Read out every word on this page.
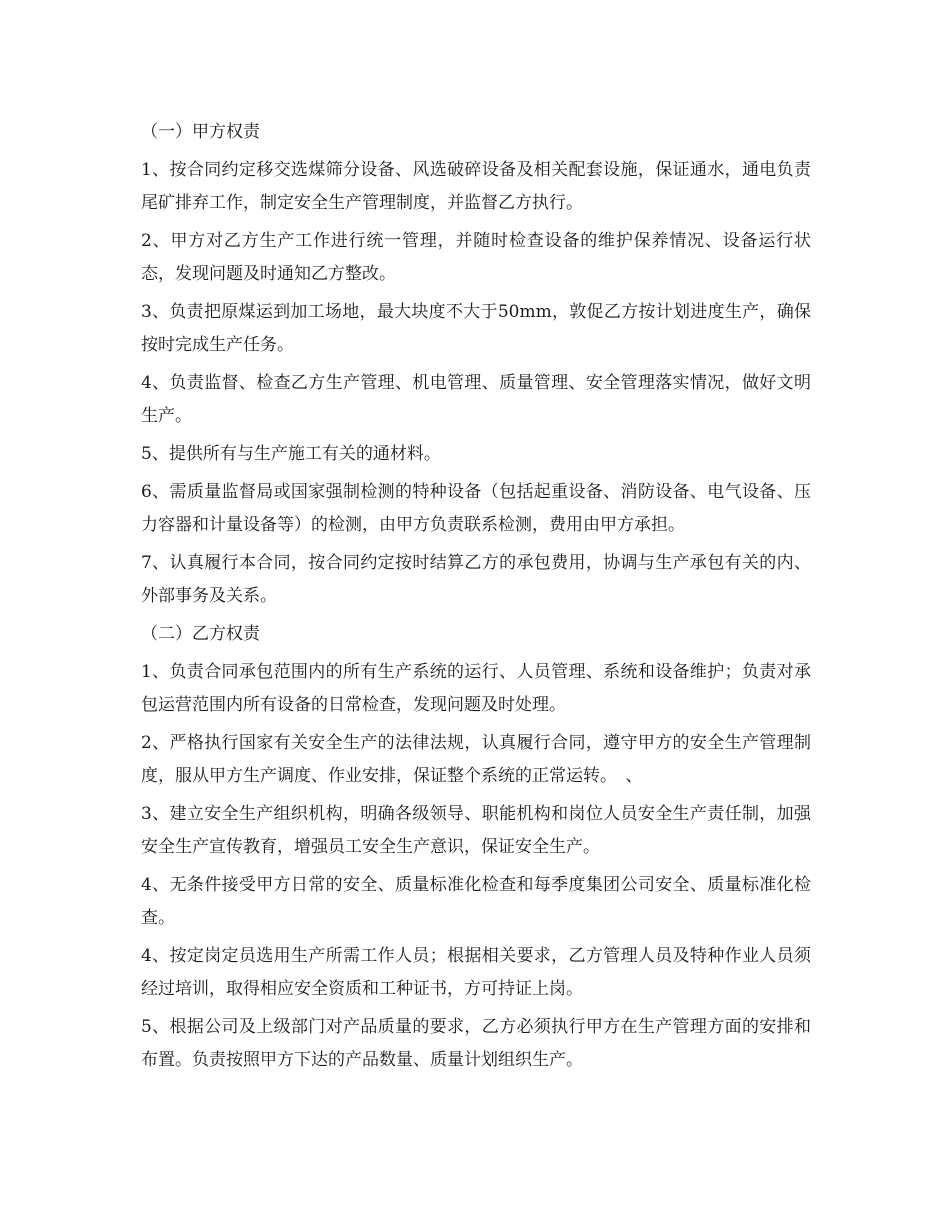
（一）甲方权责

1、按合同约定移交选煤筛分设备、风选破碎设备及相关配套设施，保证通水，通电负责尾矿排弃工作，制定安全生产管理制度，并监督乙方执行。

2、甲方对乙方生产工作进行统一管理，并随时检查设备的维护保养情况、设备运行状态，发现问题及时通知乙方整改。

3、负责把原煤运到加工场地，最大块度不大于50mm，敦促乙方按计划进度生产，确保按时完成生产任务。

4、负责监督、检查乙方生产管理、机电管理、质量管理、安全管理落实情况，做好文明生产。

5、提供所有与生产施工有关的通材料。

6、需质量监督局或国家强制检测的特种设备（包括起重设备、消防设备、电气设备、压力容器和计量设备等）的检测，由甲方负责联系检测，费用由甲方承担。

7、认真履行本合同，按合同约定按时结算乙方的承包费用，协调与生产承包有关的内、外部事务及关系。

（二）乙方权责

1、负责合同承包范围内的所有生产系统的运行、人员管理、系统和设备维护；负责对承包运营范围内所有设备的日常检查，发现问题及时处理。

2、严格执行国家有关安全生产的法律法规，认真履行合同，遵守甲方的安全生产管理制度，服从甲方生产调度、作业安排，保证整个系统的正常运转。　、

3、建立安全生产组织机构，明确各级领导、职能机构和岗位人员安全生产责任制，加强安全生产宣传教育，增强员工安全生产意识，保证安全生产。

4、无条件接受甲方日常的安全、质量标准化检查和每季度集团公司安全、质量标准化检查。

4、按定岗定员选用生产所需工作人员；根据相关要求，乙方管理人员及特种作业人员须经过培训，取得相应安全资质和工种证书，方可持证上岗。

5、根据公司及上级部门对产品质量的要求，乙方必须执行甲方在生产管理方面的安排和布置。负责按照甲方下达的产品数量、质量计划组织生产。
